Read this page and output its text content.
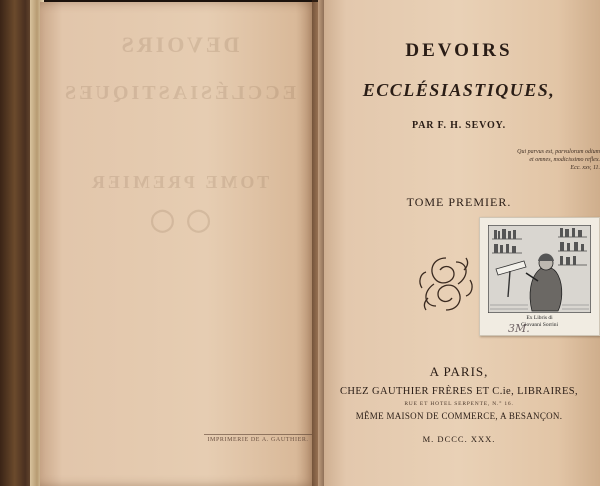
DEVOIRS
ECCLÉSIASTIQUES
TOME PREMIER
◯ ◯
IMPRIMERIE DE A. GAUTHIER.
DEVOIRS
ECCLÉSIASTIQUES,
PAR F. H. SEVOY.
Qui parvus est, parvulorum odium
et omnes, modicissimo reflex.
Ecc. xxv, 11.
TOME PREMIER.
A PARIS,
CHEZ GAUTHIER FRÈRES ET C.ie, LIBRAIRES,
RUE ET HOTEL SERPENTE, N.° 16.
MÊME MAISON DE COMMERCE, A BESANÇON.
M. DCCC. XXX.
Ex Libris di
Giovanni Sorrini
3M.
